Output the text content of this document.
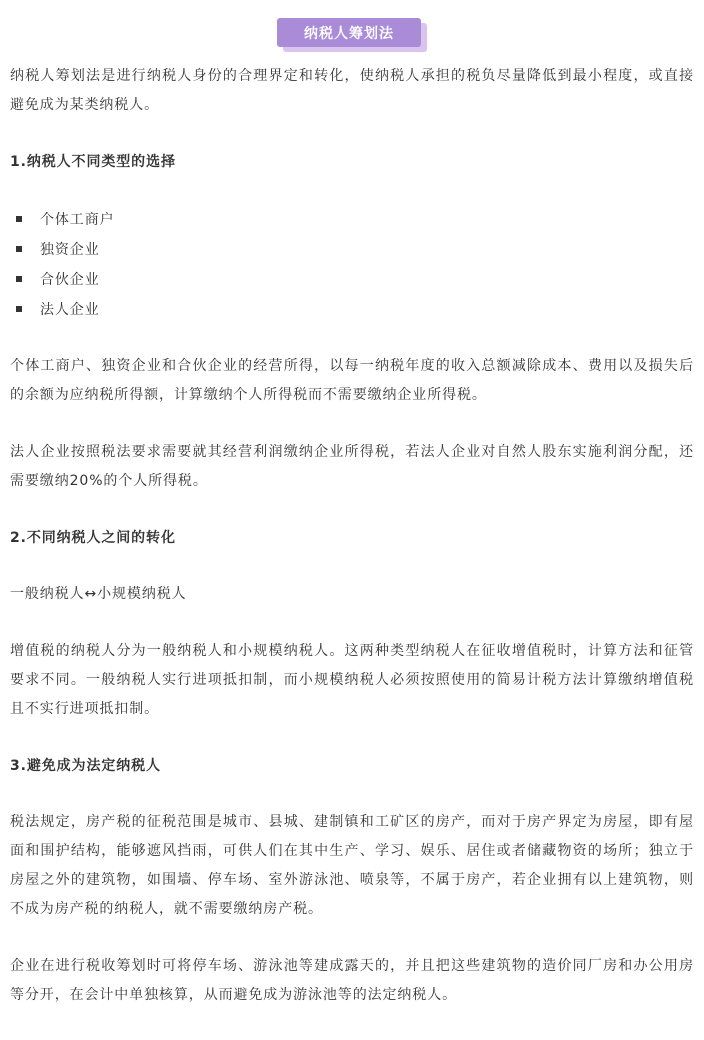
纳税人筹划法

纳税人筹划法是进行纳税人身份的合理界定和转化，使纳税人承担的税负尽量降低到最小程度，或直接避免成为某类纳税人。

1.纳税人不同类型的选择
个体工商户
独资企业
合伙企业
法人企业

个体工商户、独资企业和合伙企业的经营所得，以每一纳税年度的收入总额减除成本、费用以及损失后的余额为应纳税所得额，计算缴纳个人所得税而不需要缴纳企业所得税。

法人企业按照税法要求需要就其经营利润缴纳企业所得税，若法人企业对自然人股东实施利润分配，还需要缴纳20%的个人所得税。

2.不同纳税人之间的转化

一般纳税人↔小规模纳税人

增值税的纳税人分为一般纳税人和小规模纳税人。这两种类型纳税人在征收增值税时，计算方法和征管要求不同。一般纳税人实行进项抵扣制，而小规模纳税人必须按照使用的简易计税方法计算缴纳增值税且不实行进项抵扣制。

3.避免成为法定纳税人

税法规定，房产税的征税范围是城市、县城、建制镇和工矿区的房产，而对于房产界定为房屋，即有屋面和围护结构，能够遮风挡雨，可供人们在其中生产、学习、娱乐、居住或者储藏物资的场所；独立于房屋之外的建筑物，如围墙、停车场、室外游泳池、喷泉等，不属于房产，若企业拥有以上建筑物，则不成为房产税的纳税人，就不需要缴纳房产税。

企业在进行税收筹划时可将停车场、游泳池等建成露天的，并且把这些建筑物的造价同厂房和办公用房等分开，在会计中单独核算，从而避免成为游泳池等的法定纳税人。
